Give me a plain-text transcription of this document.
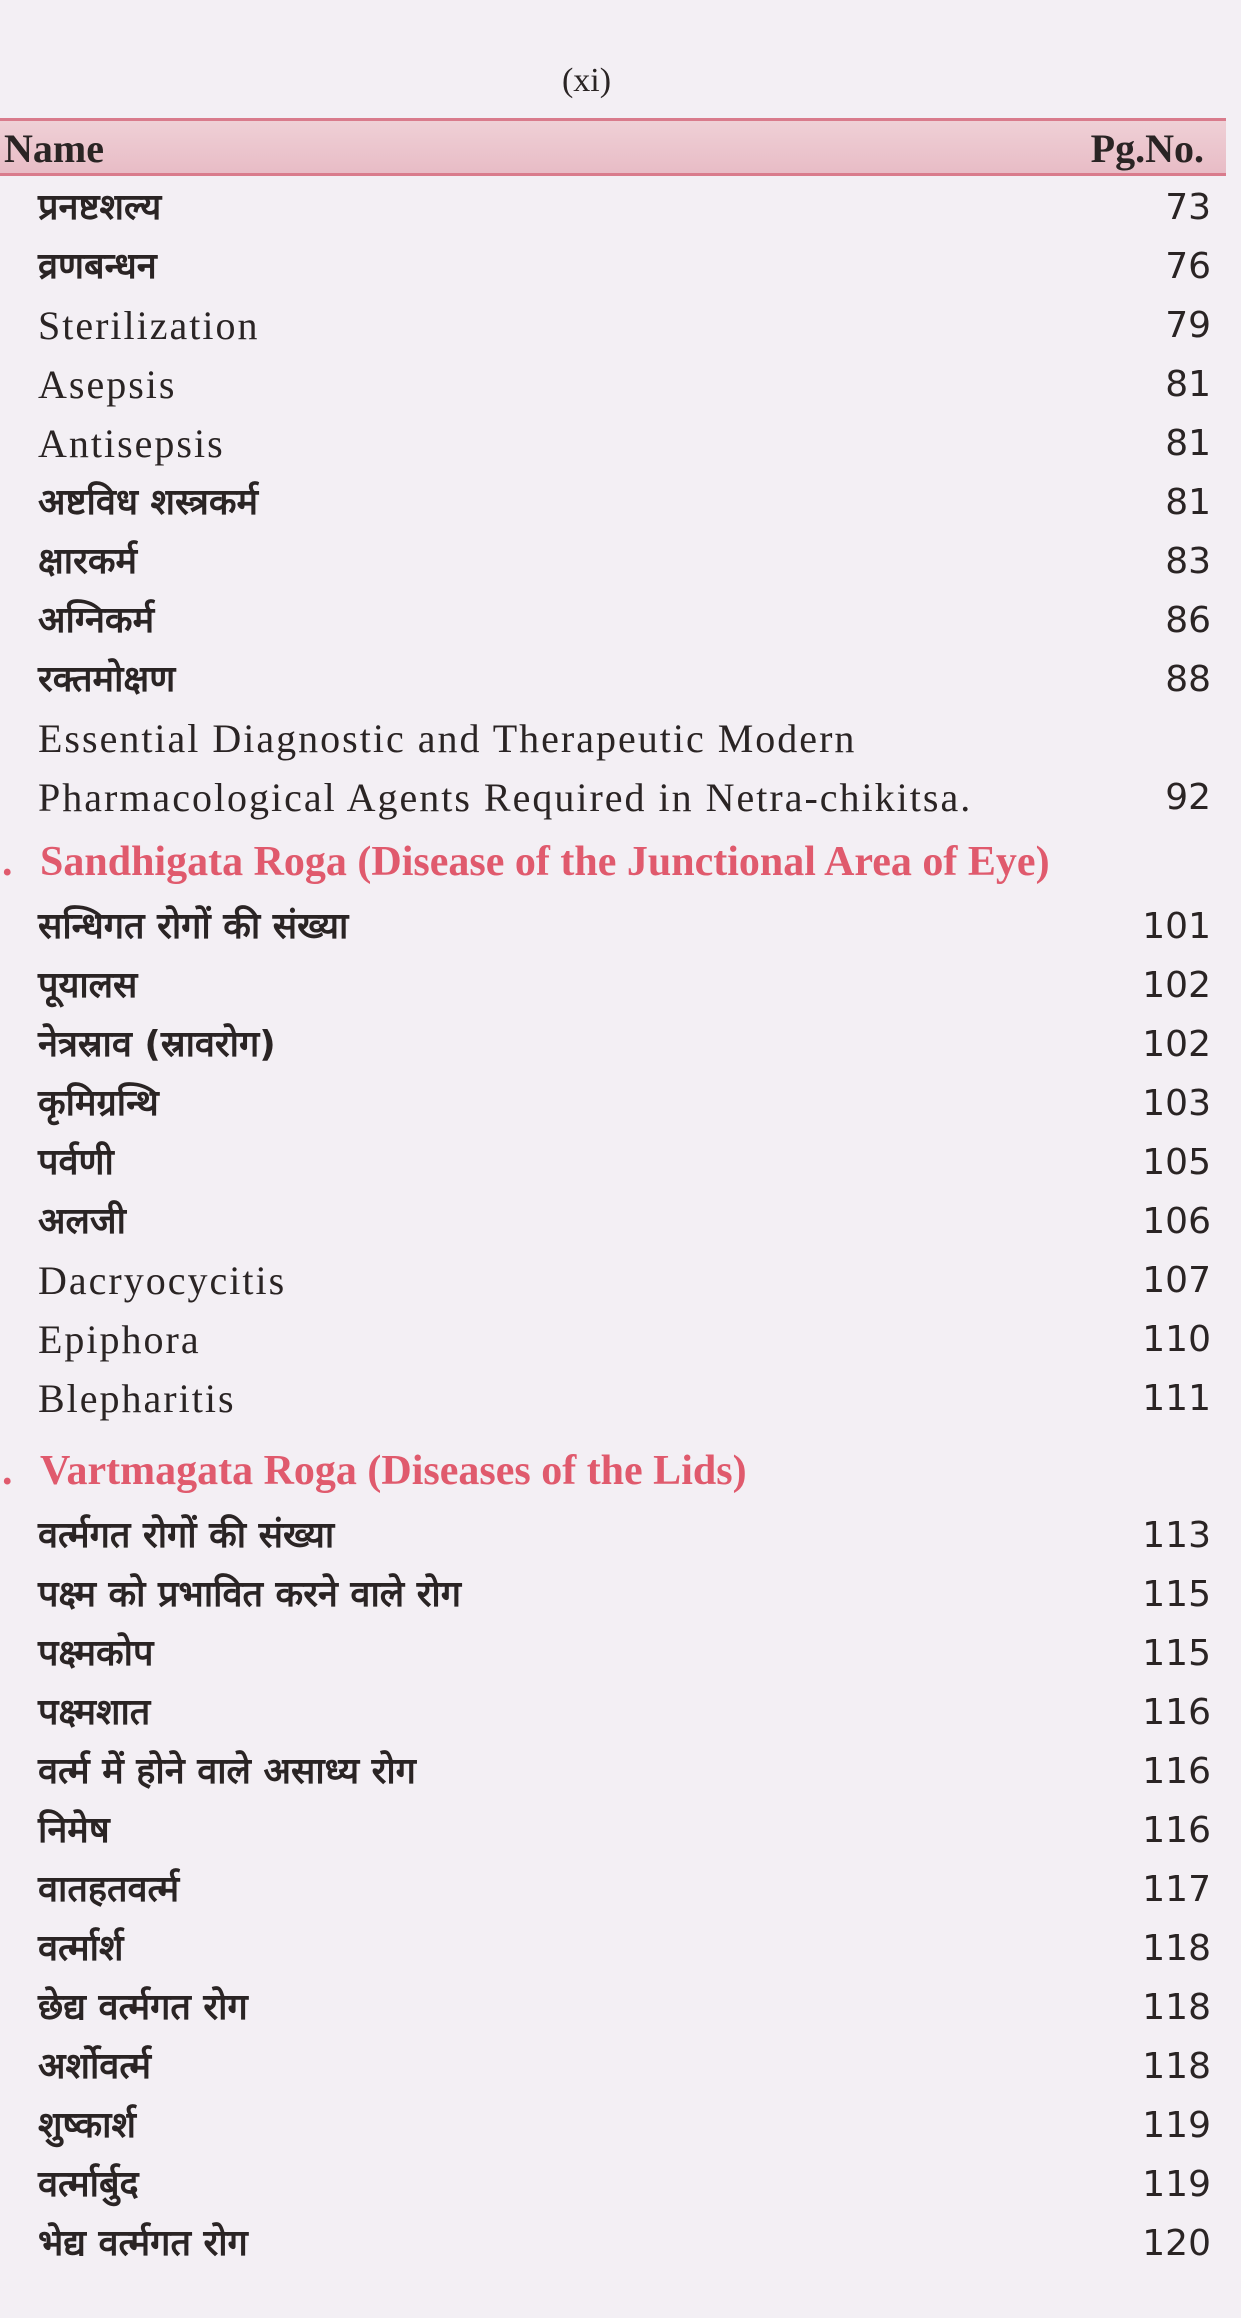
(xi)
Name	Pg.No.
प्रनष्टशल्य	73
व्रणबन्धन	76
Sterilization	79
Asepsis	81
Antisepsis	81
अष्टविध शस्त्रकर्म	81
क्षारकर्म	83
अग्निकर्म	86
रक्तमोक्षण	88
Essential Diagnostic and Therapeutic Modern Pharmacological Agents Required in Netra-chikitsa.	92
. Sandhigata Roga (Disease of the Junctional Area of Eye)
सन्धिगत रोगों की संख्या	101
पूयालस	102
नेत्रस्राव (स्रावरोग)	102
कृमिग्रन्थि	103
पर्वणी	105
अलजी	106
Dacryocycitis	107
Epiphora	110
Blepharitis	111
. Vartmagata Roga (Diseases of the Lids)
वर्त्मगत रोगों की संख्या	113
पक्ष्म को प्रभावित करने वाले रोग	115
पक्ष्मकोप	115
पक्ष्मशात	116
वर्त्म में होने वाले असाध्य रोग	116
निमेष	116
वातहतवर्त्म	117
वर्त्मार्श	118
छेद्य वर्त्मगत रोग	118
अर्शोवर्त्म	118
शुष्कार्श	119
वर्त्मार्बुद	119
भेद्य वर्त्मगत रोग	120
